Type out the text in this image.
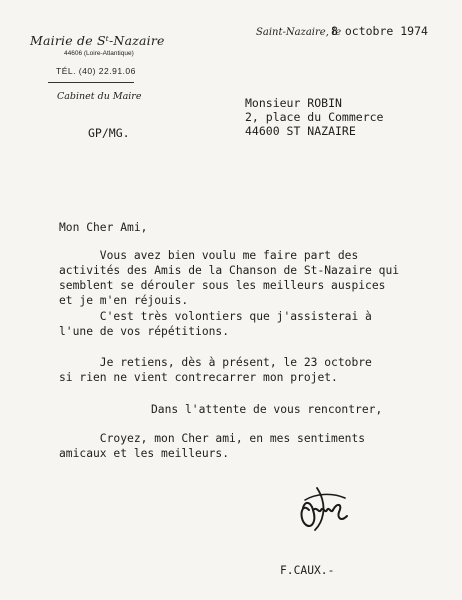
Mairie de Sᵗ-Nazaire
44606 (Loire-Atlantique)
TÉL. (40) 22.91.06
Cabinet du Maire
GP/MG.
Saint-Nazaire, le
8 octobre 1974
Monsieur ROBIN
2, place du Commerce
44600 ST NAZAIRE
Mon Cher Ami,
Vous avez bien voulu me faire part des
activités des Amis de la Chanson de St-Nazaire qui
semblent se dérouler sous les meilleurs auspices
et je m'en réjouis.
C'est très volontiers que j'assisterai à
l'une de vos répétitions.
Je retiens, dès à présent, le 23 octobre
si rien ne vient contrecarrer mon projet.
Dans l'attente de vous rencontrer,
Croyez, mon Cher ami, en mes sentiments
amicaux et les meilleurs.
F.CAUX.-
